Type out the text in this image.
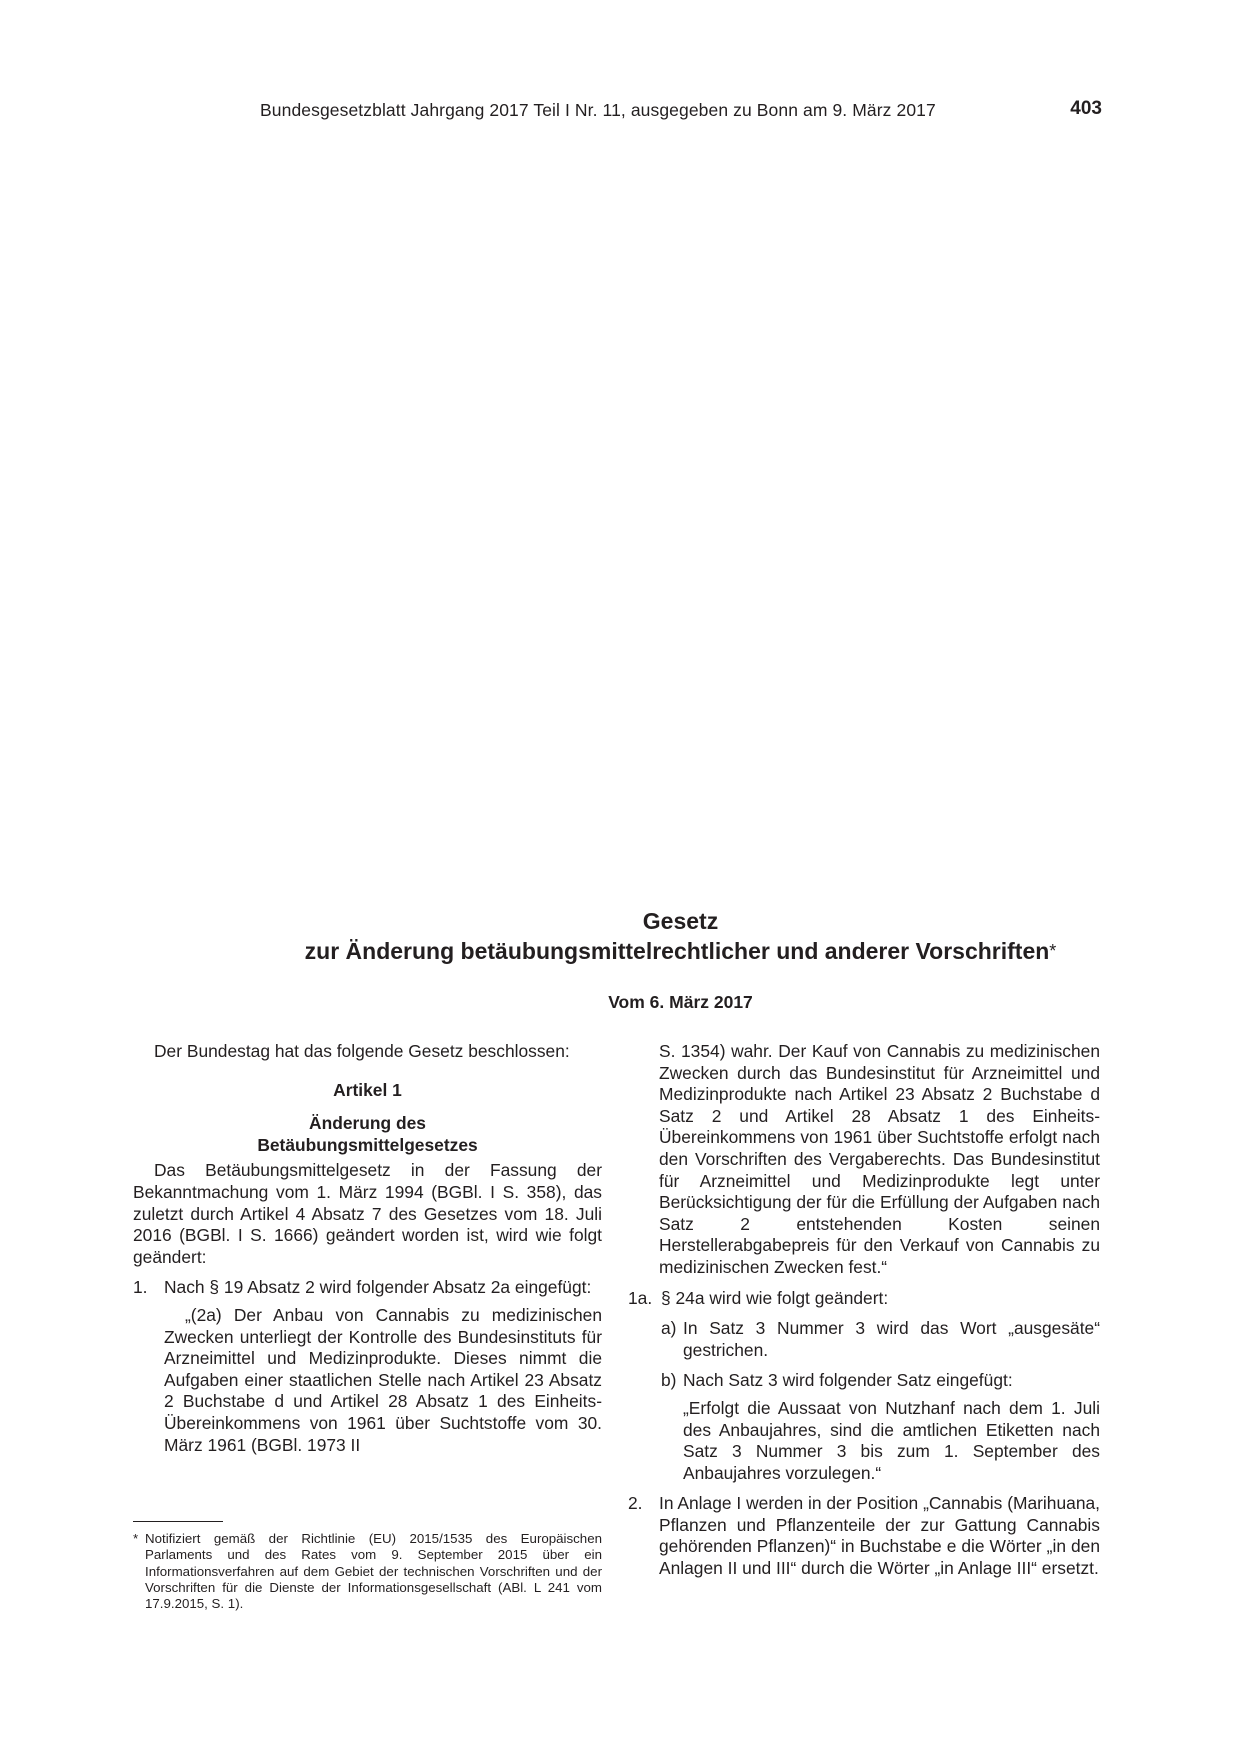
Bundesgesetzblatt Jahrgang 2017 Teil I Nr. 11, ausgegeben zu Bonn am 9. März 2017	403
Gesetz
zur Änderung betäubungsmittelrechtlicher und anderer Vorschriften*
Vom 6. März 2017

Der Bundestag hat das folgende Gesetz beschlossen:

Artikel 1

Änderung des

Betäubungsmittelgesetzes

Das Betäubungsmittelgesetz in der Fassung der Bekanntmachung vom 1. März 1994 (BGBl. I S. 358), das zuletzt durch Artikel 4 Absatz 7 des Gesetzes vom 18. Juli 2016 (BGBl. I S. 1666) geändert worden ist, wird wie folgt geändert:

1. Nach § 19 Absatz 2 wird folgender Absatz 2a eingefügt:

„(2a) Der Anbau von Cannabis zu medizinischen Zwecken unterliegt der Kontrolle des Bundesinstituts für Arzneimittel und Medizinprodukte. Dieses nimmt die Aufgaben einer staatlichen Stelle nach Artikel 23 Absatz 2 Buchstabe d und Artikel 28 Absatz 1 des Einheits-Übereinkommens von 1961 über Suchtstoffe vom 30. März 1961 (BGBl. 1973 II

S. 1354) wahr. Der Kauf von Cannabis zu medizinischen Zwecken durch das Bundesinstitut für Arzneimittel und Medizinprodukte nach Artikel 23 Absatz 2 Buchstabe d Satz 2 und Artikel 28 Absatz 1 des Einheits-Übereinkommens von 1961 über Suchtstoffe erfolgt nach den Vorschriften des Vergaberechts. Das Bundesinstitut für Arzneimittel und Medizinprodukte legt unter Berücksichtigung der für die Erfüllung der Aufgaben nach Satz 2 entstehenden Kosten seinen Herstellerabgabepreis für den Verkauf von Cannabis zu medizinischen Zwecken fest.“

1a. § 24a wird wie folgt geändert:
a) In Satz 3 Nummer 3 wird das Wort „ausgesäte“ gestrichen.
b) Nach Satz 3 wird folgender Satz eingefügt:

„Erfolgt die Aussaat von Nutzhanf nach dem 1. Juli des Anbaujahres, sind die amtlichen Etiketten nach Satz 3 Nummer 3 bis zum 1. September des Anbaujahres vorzulegen.“

2. In Anlage I werden in der Position „Cannabis (Marihuana, Pflanzen und Pflanzenteile der zur Gattung Cannabis gehörenden Pflanzen)“ in Buchstabe e die Wörter „in den Anlagen II und III“ durch die Wörter „in Anlage III“ ersetzt.
* Notifiziert gemäß der Richtlinie (EU) 2015/1535 des Europäischen Parlaments und des Rates vom 9. September 2015 über ein Informationsverfahren auf dem Gebiet der technischen Vorschriften und der Vorschriften für die Dienste der Informationsgesellschaft (ABl. L 241 vom 17.9.2015, S. 1).
